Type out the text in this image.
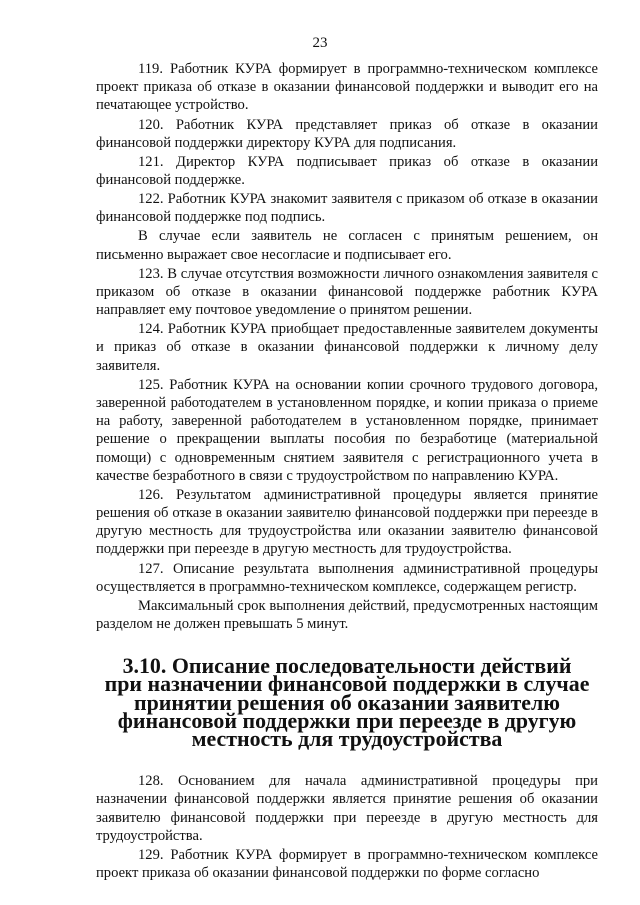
23

119. Работник КУРА формирует в программно-техническом комплексе проект приказа об отказе в оказании финансовой поддержки и выводит его на печатающее устройство.

120. Работник КУРА представляет приказ об отказе в оказании финансовой поддержки директору КУРА для подписания.

121. Директор КУРА подписывает приказ об отказе в оказании финансовой поддержке.

122. Работник КУРА знакомит заявителя с приказом об отказе в оказании финансовой поддержке под подпись.

В случае если заявитель не согласен с принятым решением, он письменно выражает свое несогласие и подписывает его.

123. В случае отсутствия возможности личного ознакомления заявителя с приказом об отказе в оказании финансовой поддержке работник КУРА направляет ему почтовое уведомление о принятом решении.

124. Работник КУРА приобщает предоставленные заявителем документы и приказ об отказе в оказании финансовой поддержки к личному делу заявителя.

125. Работник КУРА на основании копии срочного трудового договора, заверенной работодателем в установленном порядке, и копии приказа о приеме на работу, заверенной работодателем в установленном порядке, принимает решение о прекращении выплаты пособия по безработице (материальной помощи) с одновременным снятием заявителя с регистрационного учета в качестве безработного в связи с трудоустройством по направлению КУРА.

126. Результатом административной процедуры является принятие решения об отказе в оказании заявителю финансовой поддержки при переезде в другую местность для трудоустройства или оказании заявителю финансовой поддержки при переезде в другую местность для трудоустройства.

127. Описание результата выполнения административной процедуры осуществляется в программно-техническом комплексе, содержащем регистр.

Максимальный срок выполнения действий, предусмотренных настоящим разделом не должен превышать 5 минут.

3.10. Описание последовательности действий при назначении финансовой поддержки в случае принятии решения об оказании заявителю финансовой поддержки при переезде в другую местность для трудоустройства

128. Основанием для начала административной процедуры при назначении финансовой поддержки является принятие решения об оказании заявителю финансовой поддержки при переезде в другую местность для трудоустройства.

129. Работник КУРА формирует в программно-техническом комплексе проект приказа об оказании финансовой поддержки по форме согласно
